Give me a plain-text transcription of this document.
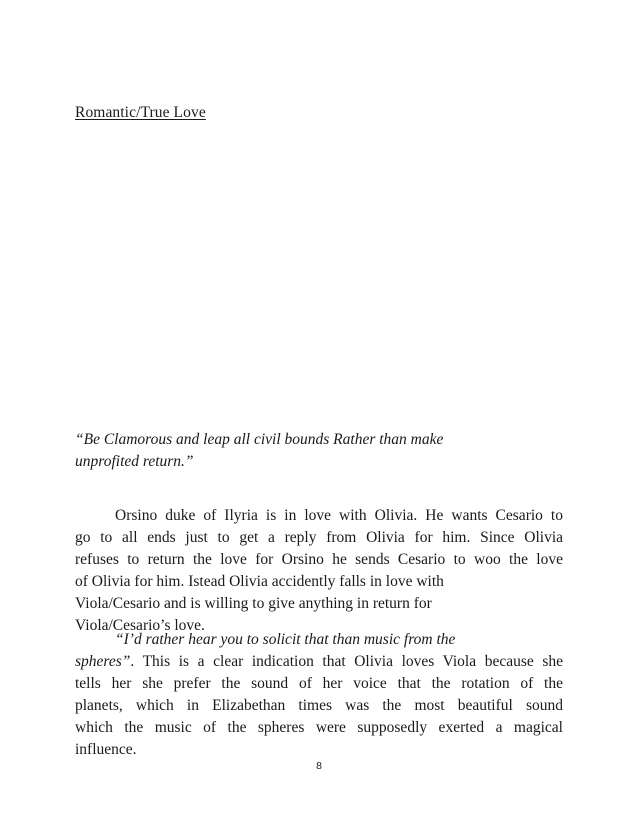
Romantic/True Love
“Be Clamorous and leap all civil bounds Rather than make
unprofited return.”
Orsino duke of Ilyria is in love with Olivia. He wants Cesario to
go to all ends just to get a reply from Olivia for him. Since Olivia
refuses to return the love for Orsino he sends Cesario to woo the love
of Olivia for him. Istead Olivia accidently falls in love with
Viola/Cesario and is willing to give anything in return for
Viola/Cesario’s love.
“I’d rather hear you to solicit that than music from the
spheres”. This is a clear indication that Olivia loves Viola because she
tells her she prefer the sound of her voice that the rotation of the
planets, which in Elizabethan times was the most beautiful sound
which the music of the spheres were supposedly exerted a magical
influence.
8
